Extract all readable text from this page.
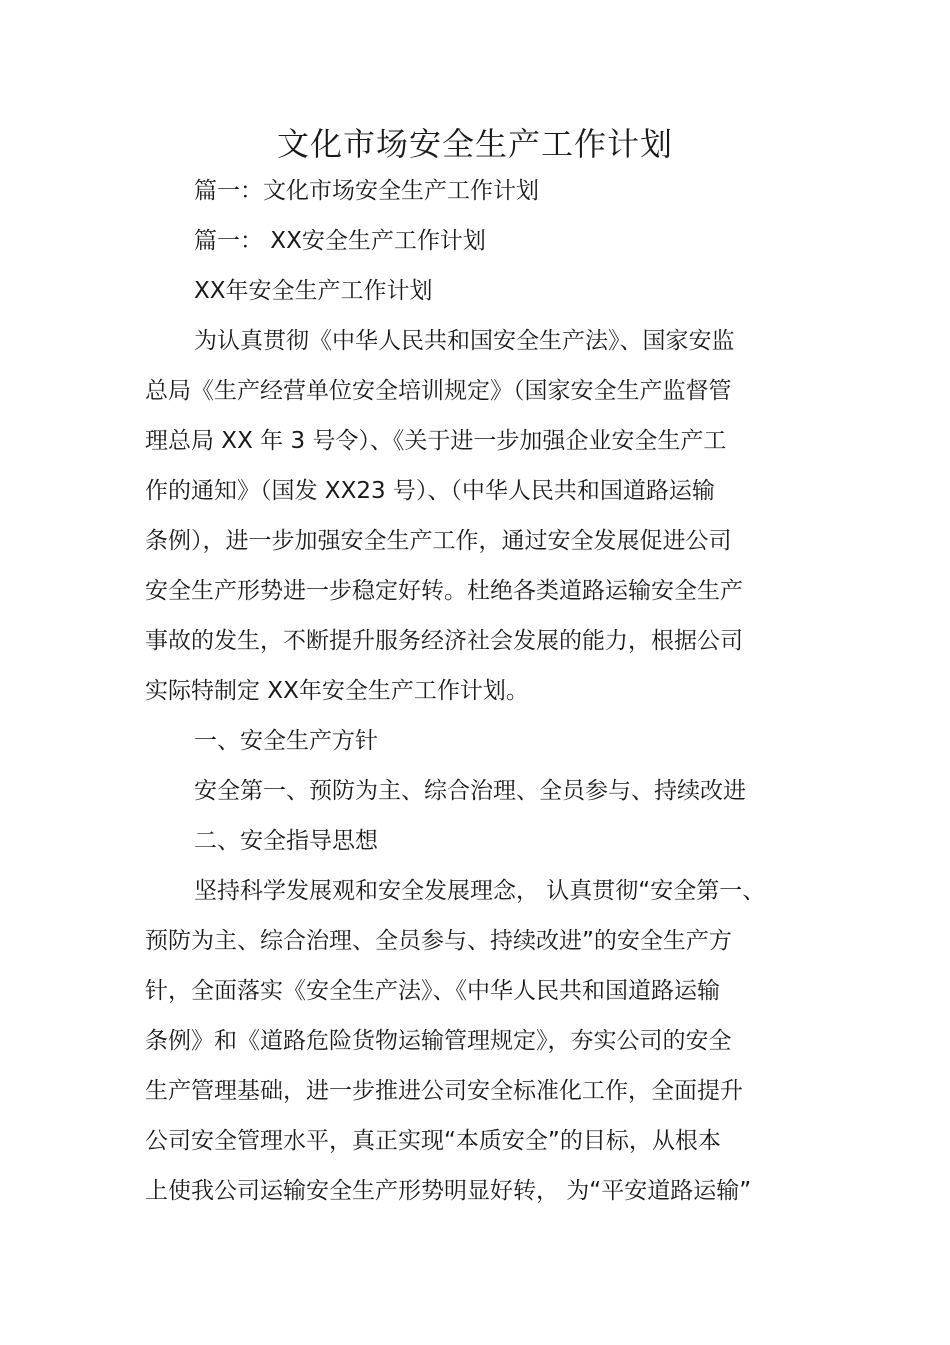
文化市场安全生产工作计划
篇一：文化市场安全生产工作计划
篇一： XX安全生产工作计划
XX年安全生产工作计划
为认真贯彻《中华人民共和国安全生产法》、国家安监
总局《生产经营单位安全培训规定》（国家安全生产监督管
理总局 XX 年 3 号令）、《关于进一步加强企业安全生产工
作的通知》（国发 XX23 号）、（中华人民共和国道路运输
条例），进一步加强安全生产工作，通过安全发展促进公司
安全生产形势进一步稳定好转。杜绝各类道路运输安全生产
事故的发生，不断提升服务经济社会发展的能力，根据公司
实际特制定 XX年安全生产工作计划。
一、安全生产方针
安全第一、预防为主、综合治理、全员参与、持续改进
二、安全指导思想
坚持科学发展观和安全发展理念， 认真贯彻“安全第一、
预防为主、综合治理、全员参与、持续改进”的安全生产方
针，全面落实《安全生产法》、《中华人民共和国道路运输
条例》和《道路危险货物运输管理规定》，夯实公司的安全
生产管理基础，进一步推进公司安全标准化工作，全面提升
公司安全管理水平，真正实现“本质安全”的目标，从根本
上使我公司运输安全生产形势明显好转， 为“平安道路运输”
